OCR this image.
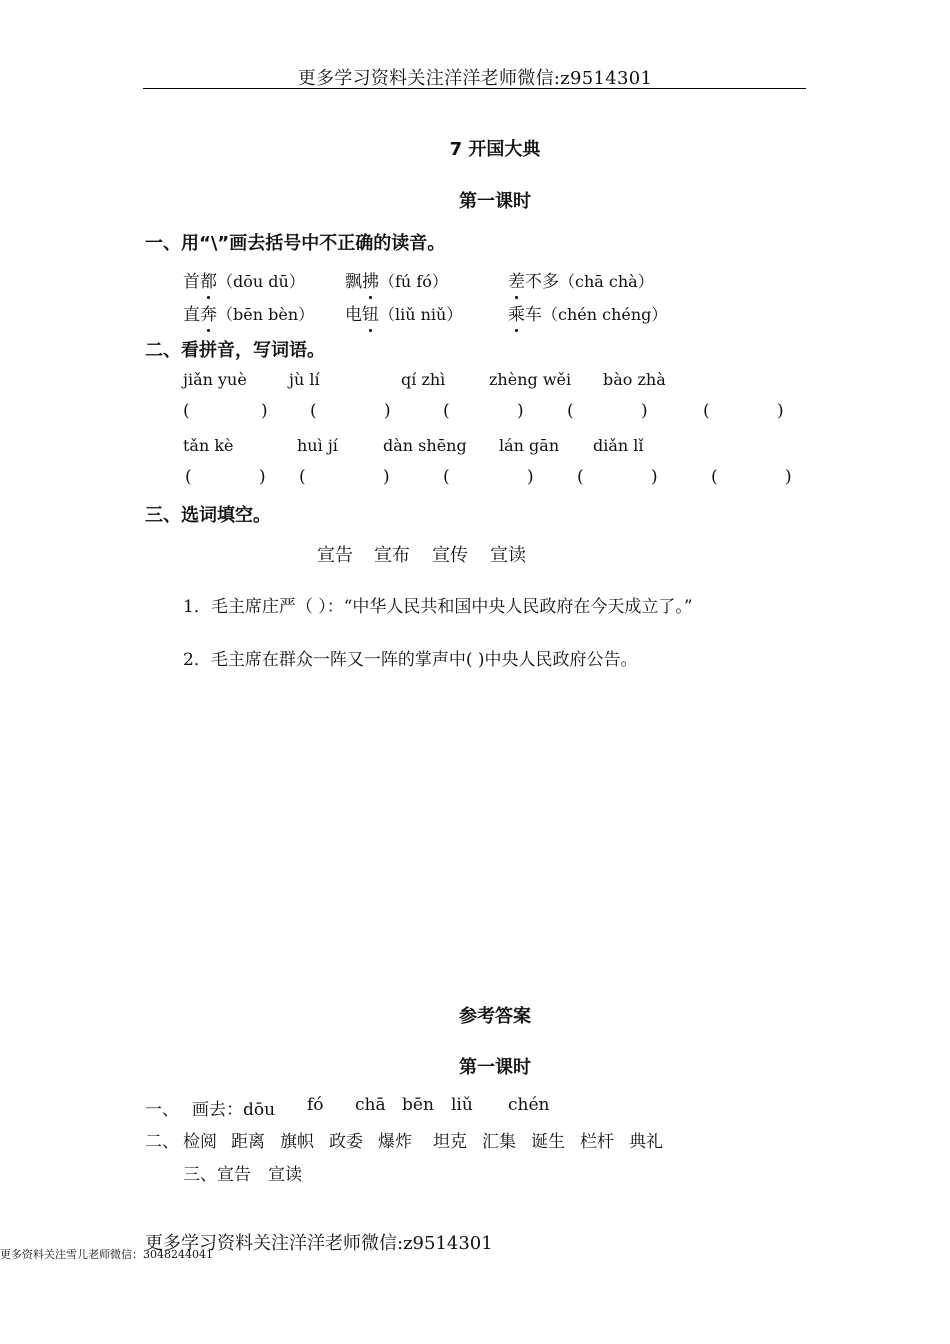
更多学习资料关注洋洋老师微信:z9514301
7 开国大典
第一课时
一、用“\”画去括号中不正确的读音。
首都（dōu dū） 飘拂（fú fó）	差不多（chā chà）
直奔（bēn bèn） 电钮（liǔ niǔ）	乘车（chén chéng）
二、看拼音，写词语。
jiǎn yuè	jù lí	qí zhì	zhèng wěi bào zhà
(	) (	)	(	)	(	)	(	)
tǎn kè	huì jí	dàn shēng lán gān diǎn lǐ
(	) (	)	(	)	(	)	(	)
三、选词填空。
宣告 宣布 宣传 宣读
1．毛主席庄严（ ）：“中华人民共和国中央人民政府在今天成立了。”
2．毛主席在群众一阵又一阵的掌声中( )中央人民政府公告。
参考答案
第一课时
一、 画去：dōu fó chā bēn liǔ chén
二、 检阅 距离 旗帜 政委 爆炸 坦克 汇集 诞生 栏杆 典礼
三、宣告　宣读
更多学习资料关注洋洋老师微信:z9514301
更多资料关注雪儿老师微信：3048244041
